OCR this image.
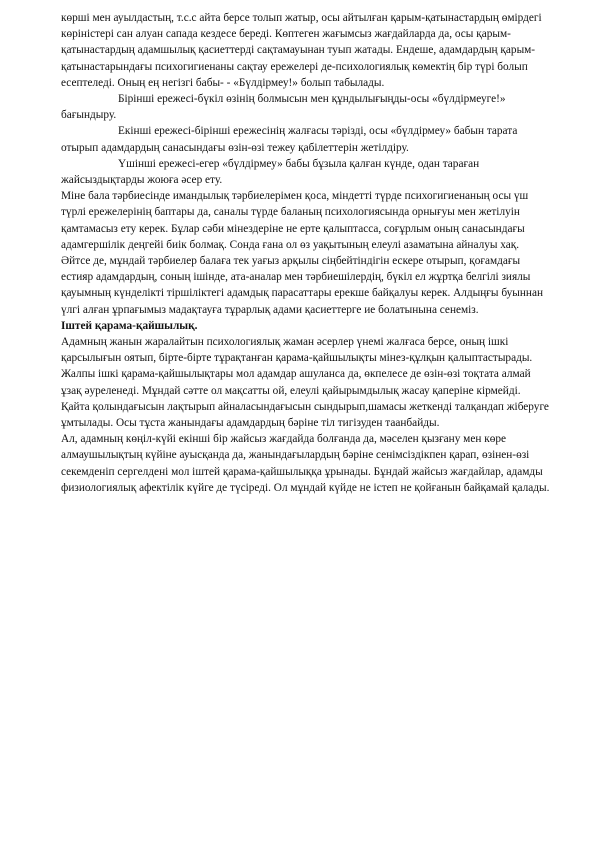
көрші мен ауылдастың, т.с.с айта берсе толып жатыр, осы айтылған қарым-қатынастардың өмірдегі көріністері сан алуан сапада кездесе береді. Көптеген жағымсыз жағдайларда да, осы қарым-қатынастардың адамшылық қасиеттерді сақтамауынан туып жатады. Ендеше, адамдардың қарым-қатынастарындағы психогигиенаны сақтау ережелері де-психологиялық көмектің бір түрі болып есептеледі. Оның ең негізгі бабы- - «Бүлдірмеу!» болып табылады.

Бірінші ережесі-бүкіл өзінің болмысын мен құндылығыңды-осы «бүлдірмеуге!» бағындыру.

Екінші ережесі-бірінші ережесінің жалғасы тәрізді, осы «бүлдірмеу» бабын тарата отырып адамдардың санасындағы өзін-өзі тежеу қабілеттерін жетілдіру.

Үшінші ережесі-егер «бүлдірмеу» бабы бұзыла қалған күнде, одан тараған жайсыздықтарды жоюға әсер ету.

Міне бала тәрбиесінде имандылық тәрбиелерімен қоса, міндетті түрде психогигиенаның осы үш түрлі ережелерінің баптары да, саналы түрде баланың психологиясында орнығуы мен жетілуін қамтамасыз ету керек. Бұлар сәби мінездеріне не ерте қалыптасса, соғұрлым оның санасындағы адамгершілік деңгейі биік болмақ. Сонда ғана ол өз уақытының елеулі азаматына айналуы хақ. Әйтсе де, мұндай тәрбиелер балаға тек уағыз арқылы сіңбейтіндігін ескере отырып, қоғамдағы естияр адамдардың, соның ішінде, ата-аналар мен тәрбиешілердің, бүкіл ел жұртқа белгілі зиялы қауымның күнделікті тіршіліктегі адамдық парасаттары ерекше байқалуы керек. Алдыңғы буыннан үлгі алған ұрпағымыз мадақтауға тұрарлық адами қасиеттерге ие болатынына сенеміз.

Іштей қарама-қайшылық.

Адамның жанын жаралайтын психологиялық жаман әсерлер үнемі жалғаса берсе, оның ішкі қарсылығын оятып, бірте-бірте тұрақтанған қарама-қайшылықты мінез-құлқын қалыптастырады.

Жалпы ішкі қарама-қайшылықтары мол адамдар ашуланса да, өкпелесе де өзін-өзі тоқтата алмай ұзақ әуреленеді. Мұндай сәтте ол мақсатты ой, елеулі қайырымдылық жасау қаперіне кірмейді. Қайта қолындағысын лақтырып айналасындағысын сындырып,шамасы жеткенді талқандап жіберуге ұмтылады. Осы тұста жанындағы адамдардың бәріне тіл тигізуден таанбайды.

Ал, адамның көңіл-күйі екінші бір жайсыз жағдайда болғанда да, мәселен қызғану мен көре алмаушылықтың күйіне ауысқанда да, жанындағылардың бәріне сенімсіздікпен қарап, өзінен-өзі секемденіп сергелдені мол іштей қарама-қайшылыққа ұрынады. Бұндай жайсыз жағдайлар, адамды физиологиялық афектілік күйге де түсіреді. Ол мұндай күйде не істеп не қойғанын байқамай қалады.
